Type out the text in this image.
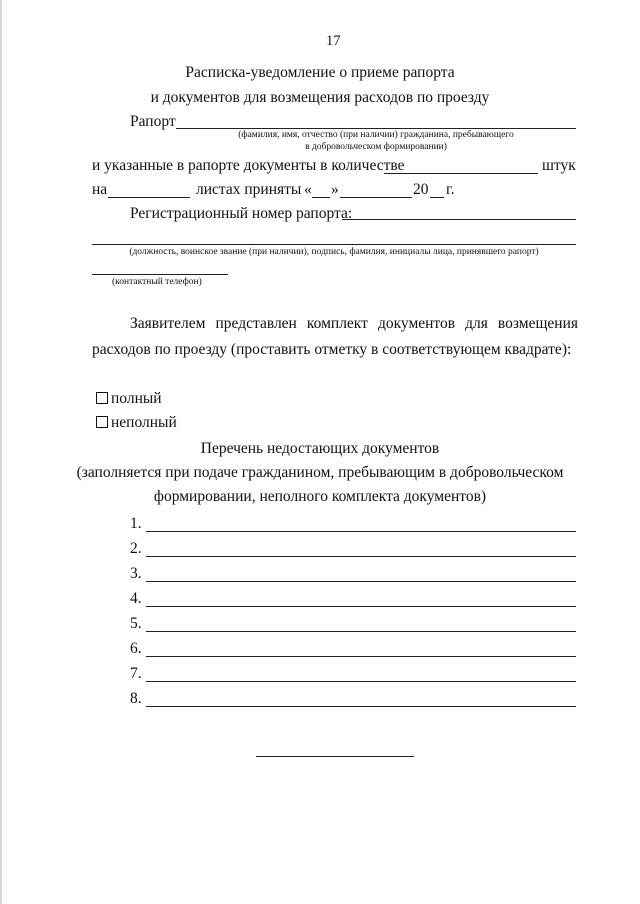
17
Расписка-уведомление о приеме рапорта
и документов для возмещения расходов по проезду
Рапорт
(фамилия, имя, отчество (при наличии) гражданина, пребывающего
в добровольческом формировании)
и указанные в рапорте документы в количестве	штук
на	листах приняты « »	20 г.
Регистрационный номер рапорта:
(должность, воинское звание (при наличии), подпись, фамилия, инициалы лица, принявшего рапорт)
(контактный телефон)
Заявителем представлен комплект документов для возмещения
расходов по проезду (проставить отметку в соответствующем квадрате):
полный
неполный
Перечень недостающих документов
(заполняется при подаче гражданином, пребывающим в добровольческом
формировании, неполного комплекта документов)
1.
2.
3.
4.
5.
6.
7.
8.
